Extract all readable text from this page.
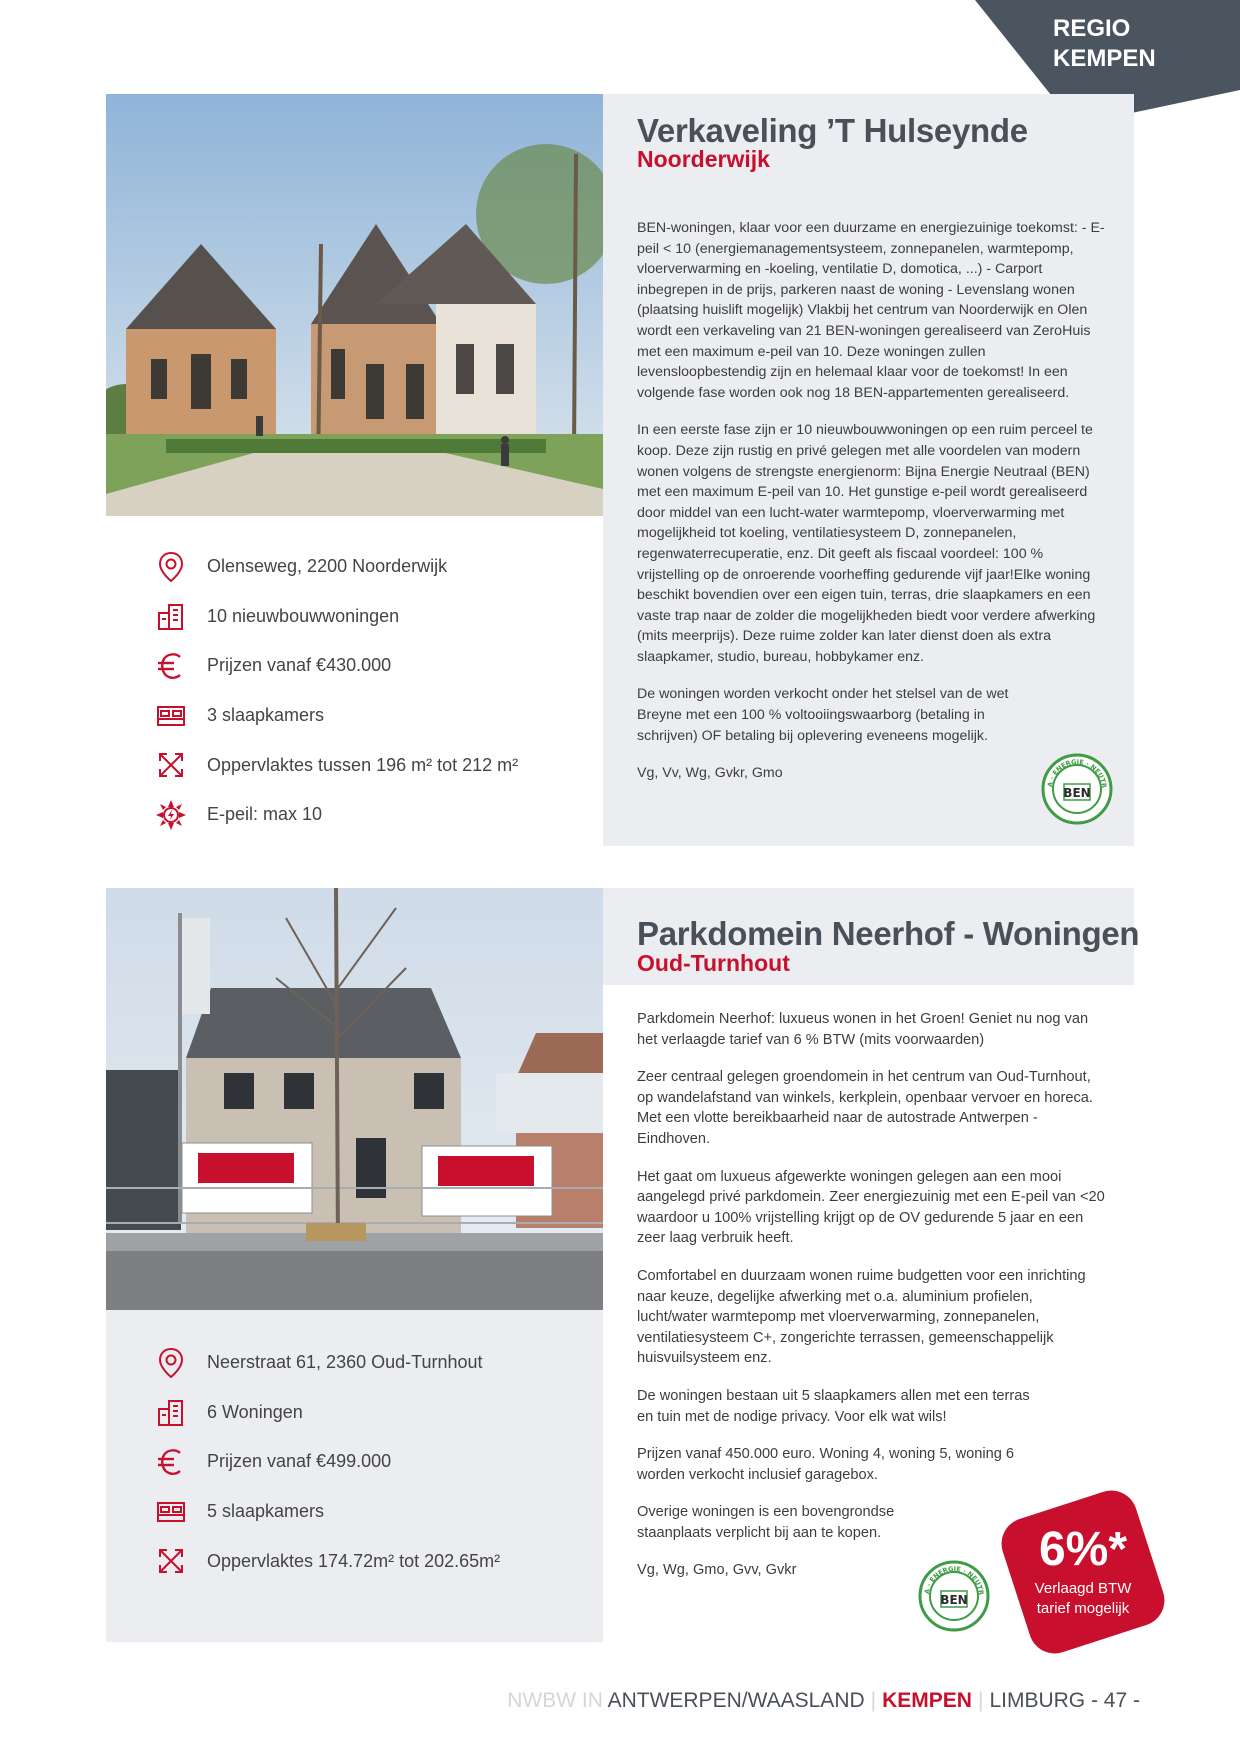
REGIO
KEMPEN
Olenseweg, 2200 Noorderwijk
10 nieuwbouwwoningen
Prijzen vanaf €430.000
3 slaapkamers
Oppervlaktes tussen 196 m² tot 212 m²
E-peil: max 10
Verkaveling ’T Hulseynde
Noorderwijk

BEN-woningen, klaar voor een duurzame en energiezuinige toekomst: - E-peil < 10 (energiemanagementsysteem, zonnepanelen, warmtepomp, vloerverwarming en -koeling, ventilatie D, domotica, ...) - Carport inbegrepen in de prijs, parkeren naast de woning - Levenslang wonen (plaatsing huislift mogelijk) Vlakbij het centrum van Noorderwijk en Olen wordt een verkaveling van 21 BEN-woningen gerealiseerd van ZeroHuis met een maximum e-peil van 10. Deze woningen zullen levensloopbestendig zijn en helemaal klaar voor de toekomst! In een volgende fase worden ook nog 18 BEN-appartementen gerealiseerd.

In een eerste fase zijn er 10 nieuwbouwwoningen op een ruim perceel te koop. Deze zijn rustig en privé gelegen met alle voordelen van modern wonen volgens de strengste energienorm: Bijna Energie Neutraal (BEN) met een maximum E-peil van 10. Het gunstige e-peil wordt gerealiseerd door middel van een lucht-water warmtepomp, vloerverwarming met mogelijkheid tot koeling, ventilatiesysteem D, zonnepanelen, regenwaterrecuperatie, enz. Dit geeft als fiscaal voordeel: 100 % vrijstelling op de onroerende voorheffing gedurende vijf jaar!Elke woning beschikt bovendien over een eigen tuin, terras, drie slaapkamers en een vaste trap naar de zolder die mogelijkheden biedt voor verdere afwerking (mits meerprijs). Deze ruime zolder kan later dienst doen als extra slaapkamer, studio, bureau, hobbykamer enz.

De woningen worden verkocht onder het stelsel van de wet Breyne met een 100 % voltooiingswaarborg (betaling in schrijven) OF betaling bij oplevering eveneens mogelijk.

Vg, Vv, Wg, Gvkr, Gmo

A · ENERGIE · NEUTR
BEN
Neerstraat 61, 2360 Oud-Turnhout
6 Woningen
Prijzen vanaf €499.000
5 slaapkamers
Oppervlaktes 174.72m² tot 202.65m²
Parkdomein Neerhof - Woningen
Oud-Turnhout

Parkdomein Neerhof: luxueus wonen in het Groen! Geniet nu nog van het verlaagde tarief van 6 % BTW (mits voorwaarden)

Zeer centraal gelegen groendomein in het centrum van Oud-Turnhout, op wandelafstand van winkels, kerkplein, openbaar vervoer en horeca. Met een vlotte bereikbaarheid naar de autostrade Antwerpen - Eindhoven.

Het gaat om luxueus afgewerkte woningen gelegen aan een mooi aangelegd privé parkdomein. Zeer energiezuinig met een E-peil van <20 waardoor u 100% vrijstelling krijgt op de OV gedurende 5 jaar en een zeer laag verbruik heeft.

Comfortabel en duurzaam wonen ruime budgetten voor een inrichting naar keuze, degelijke afwerking met o.a. aluminium profielen, lucht/water warmtepomp met vloerverwarming, zonnepanelen, ventilatiesysteem C+, zongerichte terrassen, gemeenschappelijk huisvuilsysteem enz.

De woningen bestaan uit 5 slaapkamers allen met een terras en tuin met de nodige privacy. Voor elk wat wils!

Prijzen vanaf 450.000 euro. Woning 4, woning 5, woning 6 worden verkocht inclusief garagebox.

Overige woningen is een bovengrondse staanplaats verplicht bij aan te kopen.

Vg, Wg, Gmo, Gvv, Gvkr

A · ENERGIE · NEUTR
BEN
6%*
Verlaagd BTW
tarief mogelijk
NWBW IN ANTWERPEN/WAASLAND | KEMPEN | LIMBURG - 47 -
